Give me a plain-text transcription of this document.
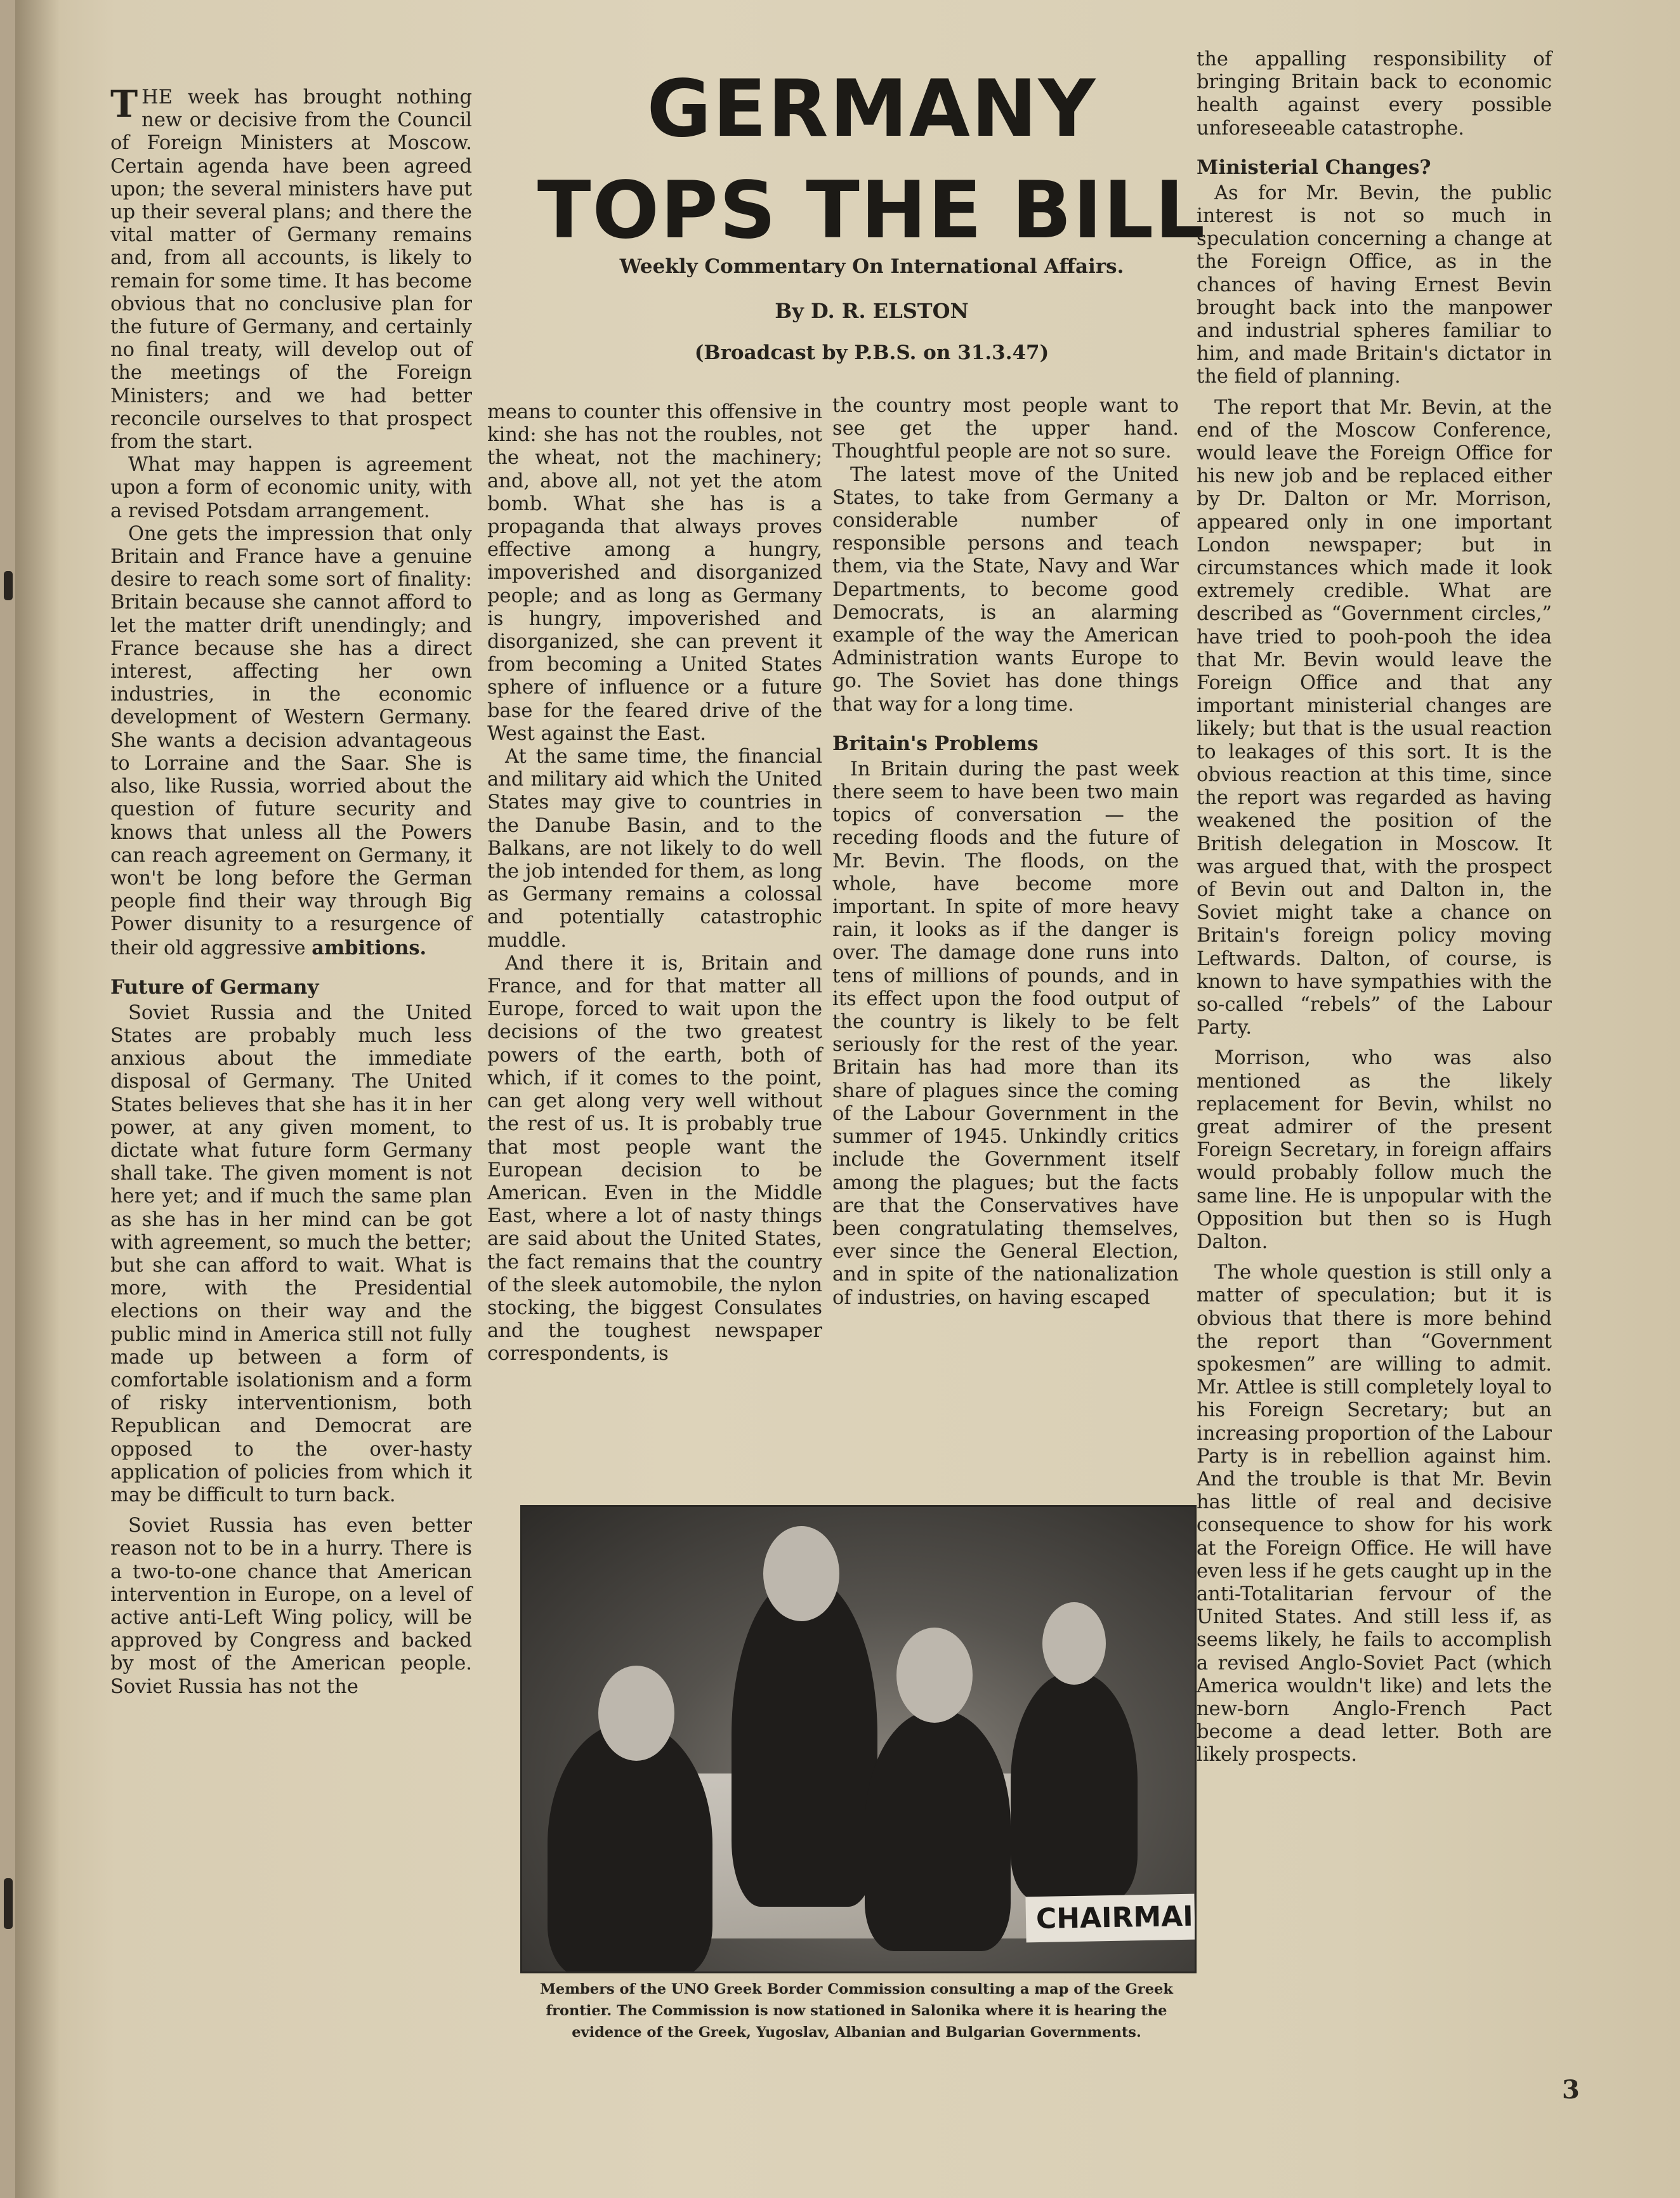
THE week has brought nothing new or decisive from the Council of Foreign Ministers at Moscow. Certain agenda have been agreed upon; the several ministers have put up their several plans; and there the vital matter of Germany remains and, from all accounts, is likely to remain for some time. It has become obvious that no conclusive plan for the future of Germany, and certainly no final treaty, will develop out of the meetings of the Foreign Ministers; and we had better reconcile ourselves to that prospect from the start.

What may happen is agreement upon a form of economic unity, with a revised Potsdam arrangement.

One gets the impression that only Britain and France have a genuine desire to reach some sort of finality: Britain because she cannot afford to let the matter drift unendingly; and France because she has a direct interest, affecting her own industries, in the economic development of Western Germany. She wants a decision advantageous to Lorraine and the Saar. She is also, like Russia, worried about the question of future security and knows that unless all the Powers can reach agreement on Germany, it won't be long before the German people find their way through Big Power disunity to a resurgence of their old aggressive ambitions.

Future of Germany

Soviet Russia and the United States are probably much less anxious about the immediate disposal of Germany. The United States believes that she has it in her power, at any given moment, to dictate what future form Germany shall take. The given moment is not here yet; and if much the same plan as she has in her mind can be got with agreement, so much the better; but she can afford to wait. What is more, with the Presidential elections on their way and the public mind in America still not fully made up between a form of comfortable isolationism and a form of risky interventionism, both Republican and Democrat are opposed to the over-hasty application of policies from which it may be difficult to turn back.

Soviet Russia has even better reason not to be in a hurry. There is a two-to-one chance that American intervention in Europe, on a level of active anti-Left Wing policy, will be approved by Congress and backed by most of the American people. Soviet Russia has not the

GERMANY
TOPS THE BILL
Weekly Commentary On International Affairs.
By D. R. ELSTON
(Broadcast by P.B.S. on 31.3.47)

means to counter this offensive in kind: she has not the roubles, not the wheat, not the machinery; and, above all, not yet the atom bomb. What she has is a propaganda that always proves effective among a hungry, impoverished and disorganized people; and as long as Germany is hungry, impoverished and disorganized, she can prevent it from becoming a United States sphere of influence or a future base for the feared drive of the West against the East.

At the same time, the financial and military aid which the United States may give to countries in the Danube Basin, and to the Balkans, are not likely to do well the job intended for them, as long as Germany remains a colossal and potentially catastrophic muddle.

And there it is, Britain and France, and for that matter all Europe, forced to wait upon the decisions of the two greatest powers of the earth, both of which, if it comes to the point, can get along very well without the rest of us. It is probably true that most people want the European decision to be American. Even in the Middle East, where a lot of nasty things are said about the United States, the fact remains that the country of the sleek automobile, the nylon stocking, the biggest Consulates and the toughest newspaper correspondents, is

the country most people want to see get the upper hand. Thoughtful people are not so sure.

The latest move of the United States, to take from Germany a considerable number of responsible persons and teach them, via the State, Navy and War Departments, to become good Democrats, is an alarming example of the way the American Administration wants Europe to go. The Soviet has done things that way for a long time.

Britain's Problems

In Britain during the past week there seem to have been two main topics of conversation — the receding floods and the future of Mr. Bevin. The floods, on the whole, have become more important. In spite of more heavy rain, it looks as if the danger is over. The damage done runs into tens of millions of pounds, and in its effect upon the food output of the country is likely to be felt seriously for the rest of the year. Britain has had more than its share of plagues since the coming of the Labour Government in the summer of 1945. Unkindly critics include the Government itself among the plagues; but the facts are that the Conservatives have been congratulating themselves, ever since the General Election, and in spite of the nationalization of industries, on having escaped

the appalling responsibility of bringing Britain back to economic health against every possible unforeseeable catastrophe.

Ministerial Changes?

As for Mr. Bevin, the public interest is not so much in speculation concerning a change at the Foreign Office, as in the chances of having Ernest Bevin brought back into the manpower and industrial spheres familiar to him, and made Britain's dictator in the field of planning.

The report that Mr. Bevin, at the end of the Moscow Conference, would leave the Foreign Office for his new job and be replaced either by Dr. Dalton or Mr. Morrison, appeared only in one important London newspaper; but in circumstances which made it look extremely credible. What are described as “Government circles,” have tried to pooh-pooh the idea that Mr. Bevin would leave the Foreign Office and that any important ministerial changes are likely; but that is the usual reaction to leakages of this sort. It is the obvious reaction at this time, since the report was regarded as having weakened the position of the British delegation in Moscow. It was argued that, with the prospect of Bevin out and Dalton in, the Soviet might take a chance on Britain's foreign policy moving Leftwards. Dalton, of course, is known to have sympathies with the so-called “rebels” of the Labour Party.

Morrison, who was also mentioned as the likely replacement for Bevin, whilst no great admirer of the present Foreign Secretary, in foreign affairs would probably follow much the same line. He is unpopular with the Opposition but then so is Hugh Dalton.

The whole question is still only a matter of speculation; but it is obvious that there is more behind the report than “Government spokesmen” are willing to admit. Mr. Attlee is still completely loyal to his Foreign Secretary; but an increasing proportion of the Labour Party is in rebellion against him. And the trouble is that Mr. Bevin has little of real and decisive consequence to show for his work at the Foreign Office. He will have even less if he gets caught up in the anti-Totalitarian fervour of the United States. And still less if, as seems likely, he fails to accomplish a revised Anglo-Soviet Pact (which America wouldn't like) and lets the new-born Anglo-French Pact become a dead letter. Both are likely prospects.

CHAIRMAI
Members of the UNO Greek Border Commission consulting a map of the Greek frontier. The Commission is now stationed in Salonika where it is hearing the evidence of the Greek, Yugoslav, Albanian and Bulgarian Governments.
3
